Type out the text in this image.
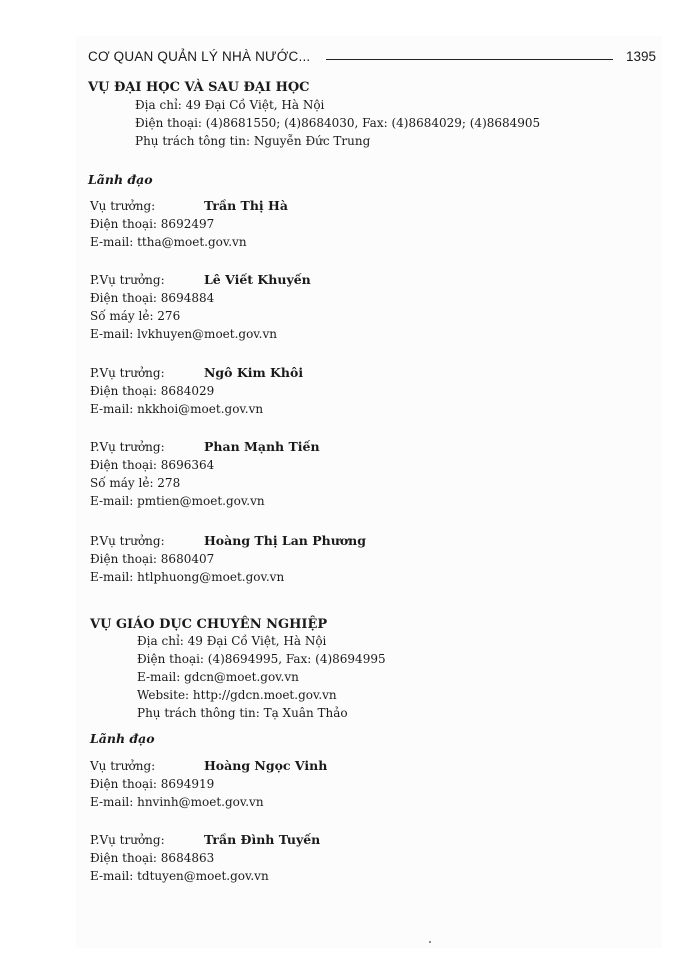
CƠ QUAN QUẢN LÝ NHÀ NƯỚC...	1395
VỤ ĐẠI HỌC VÀ SAU ĐẠI HỌC
Địa chỉ: 49 Đại Cồ Việt, Hà Nội
Điện thoại: (4)8681550; (4)8684030, Fax: (4)8684029; (4)8684905
Phụ trách tông tin: Nguyễn Đức Trung
Lãnh đạo
Vụ trưởng:	Trần Thị Hà
Điện thoại: 8692497
E-mail: ttha@moet.gov.vn
P.Vụ trưởng:	Lê Viết Khuyến
Điện thoại: 8694884
Số máy lẻ: 276
E-mail: lvkhuyen@moet.gov.vn
P.Vụ trưởng:	Ngô Kim Khôi
Điện thoại: 8684029
E-mail: nkkhoi@moet.gov.vn
P.Vụ trưởng:	Phan Mạnh Tiến
Điện thoại: 8696364
Số máy lẻ: 278
E-mail: pmtien@moet.gov.vn
P.Vụ trưởng:	Hoàng Thị Lan Phương
Điện thoại: 8680407
E-mail: htlphuong@moet.gov.vn
VỤ GIÁO DỤC CHUYÊN NGHIỆP
Địa chỉ: 49 Đại Cồ Việt, Hà Nội
Điện thoại: (4)8694995, Fax: (4)8694995
E-mail: gdcn@moet.gov.vn
Website: http://gdcn.moet.gov.vn
Phụ trách thông tin: Tạ Xuân Thảo
Lãnh đạo
Vụ trưởng:	Hoàng Ngọc Vinh
Điện thoại: 8694919
E-mail: hnvinh@moet.gov.vn
P.Vụ trưởng:	Trần Đình Tuyến
Điện thoại: 8684863
E-mail: tdtuyen@moet.gov.vn
